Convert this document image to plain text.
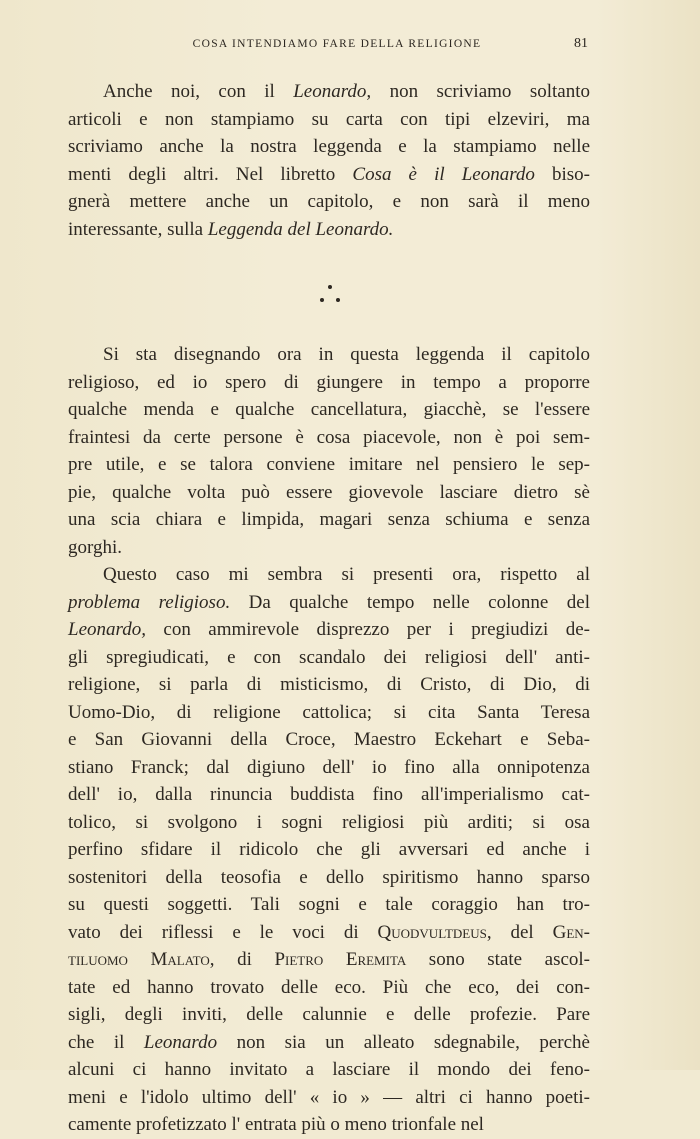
COSA INTENDIAMO FARE DELLA RELIGIONE	81

Anche noi, con il Leonardo, non scriviamo soltanto
articoli e non stampiamo su carta con tipi elzeviri, ma
scriviamo anche la nostra leggenda e la stampiamo nelle
menti degli altri. Nel libretto Cosa è il Leonardo biso-
gnerà mettere anche un capitolo, e non sarà il meno
interessante, sulla Leggenda del Leonardo.

Si sta disegnando ora in questa leggenda il capitolo
religioso, ed io spero di giungere in tempo a proporre
qualche menda e qualche cancellatura, giacchè, se l'essere
fraintesi da certe persone è cosa piacevole, non è poi sem-
pre utile, e se talora conviene imitare nel pensiero le sep-
pie, qualche volta può essere giovevole lasciare dietro sè
una scia chiara e limpida, magari senza schiuma e senza
gorghi.

Questo caso mi sembra si presenti ora, rispetto al
problema religioso. Da qualche tempo nelle colonne del
Leonardo, con ammirevole disprezzo per i pregiudizi de-
gli spregiudicati, e con scandalo dei religiosi dell' anti-
religione, si parla di misticismo, di Cristo, di Dio, di
Uomo-Dio, di religione cattolica; si cita Santa Teresa
e San Giovanni della Croce, Maestro Eckehart e Seba-
stiano Franck; dal digiuno dell' io fino alla onnipotenza
dell' io, dalla rinuncia buddista fino all'imperialismo cat-
tolico, si svolgono i sogni religiosi più arditi; si osa
perfino sfidare il ridicolo che gli avversari ed anche i
sostenitori della teosofia e dello spiritismo hanno sparso
su questi soggetti. Tali sogni e tale coraggio han tro-
vato dei riflessi e le voci di Quodvultdeus, del Gen-
tiluomo Malato, di Pietro Eremita sono state ascol-
tate ed hanno trovato delle eco. Più che eco, dei con-
sigli, degli inviti, delle calunnie e delle profezie. Pare
che il Leonardo non sia un alleato sdegnabile, perchè
alcuni ci hanno invitato a lasciare il mondo dei feno-
meni e l'idolo ultimo dell' « io » — altri ci hanno poeti-
camente profetizzato l' entrata più o meno trionfale nel
